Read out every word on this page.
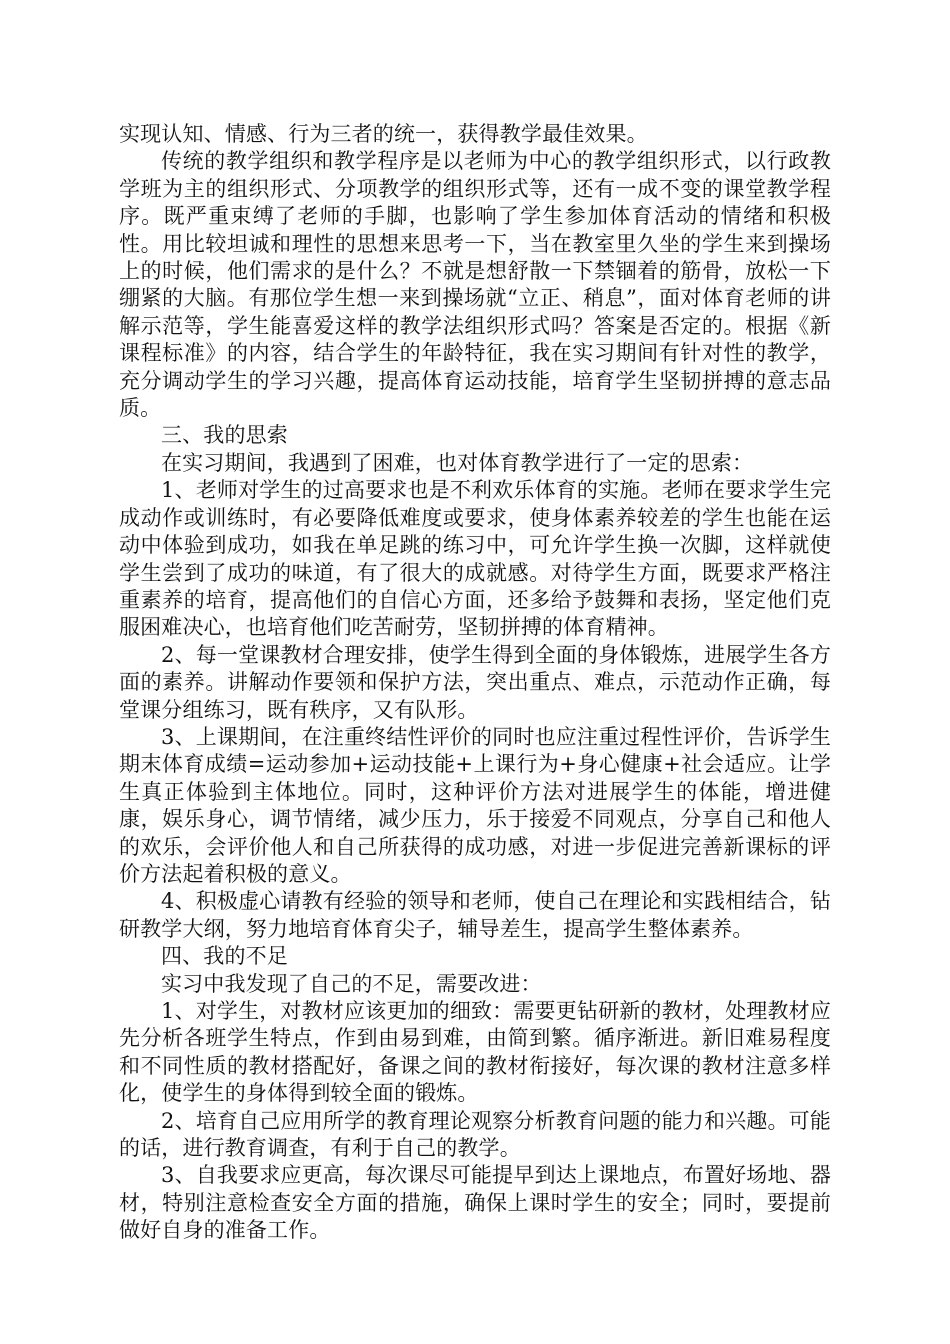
实现认知、情感、行为三者的统一，获得教学最佳效果。

传统的教学组织和教学程序是以老师为中心的教学组织形式，以行政教学班为主的组织形式、分项教学的组织形式等，还有一成不变的课堂教学程序。既严重束缚了老师的手脚，也影响了学生参加体育活动的情绪和积极性。用比较坦诚和理性的思想来思考一下，当在教室里久坐的学生来到操场上的时候，他们需求的是什么？不就是想舒散一下禁锢着的筋骨，放松一下绷紧的大脑。有那位学生想一来到操场就“立正、稍息”，面对体育老师的讲解示范等，学生能喜爱这样的教学法组织形式吗？答案是否定的。根据《新课程标准》的内容，结合学生的年龄特征，我在实习期间有针对性的教学，充分调动学生的学习兴趣，提高体育运动技能，培育学生坚韧拼搏的意志品质。

三、我的思索

在实习期间，我遇到了困难，也对体育教学进行了一定的思索：

1、老师对学生的过高要求也是不利欢乐体育的实施。老师在要求学生完成动作或训练时，有必要降低难度或要求，使身体素养较差的学生也能在运动中体验到成功，如我在单足跳的练习中，可允许学生换一次脚，这样就使学生尝到了成功的味道，有了很大的成就感。对待学生方面，既要求严格注重素养的培育，提高他们的自信心方面，还多给予鼓舞和表扬，坚定他们克服困难决心，也培育他们吃苦耐劳，坚韧拼搏的体育精神。

2、每一堂课教材合理安排，使学生得到全面的身体锻炼，进展学生各方面的素养。讲解动作要领和保护方法，突出重点、难点，示范动作正确，每堂课分组练习，既有秩序，又有队形。

3、上课期间，在注重终结性评价的同时也应注重过程性评价，告诉学生期末体育成绩=运动参加+运动技能+上课行为+身心健康+社会适应。让学生真正体验到主体地位。同时，这种评价方法对进展学生的体能，增进健康，娱乐身心，调节情绪，减少压力，乐于接爱不同观点，分享自己和他人的欢乐，会评价他人和自己所获得的成功感，对进一步促进完善新课标的评价方法起着积极的意义。

4、积极虚心请教有经验的领导和老师，使自己在理论和实践相结合，钻研教学大纲，努力地培育体育尖子，辅导差生，提高学生整体素养。

四、我的不足

实习中我发现了自己的不足，需要改进：

1、对学生，对教材应该更加的细致：需要更钻研新的教材，处理教材应先分析各班学生特点，作到由易到难，由简到繁。循序渐进。新旧难易程度和不同性质的教材搭配好，备课之间的教材衔接好，每次课的教材注意多样化，使学生的身体得到较全面的锻炼。

2、培育自己应用所学的教育理论观察分析教育问题的能力和兴趣。可能的话，进行教育调查，有利于自己的教学。

3、自我要求应更高，每次课尽可能提早到达上课地点，布置好场地、器材，特别注意检查安全方面的措施，确保上课时学生的安全；同时，要提前做好自身的准备工作。
